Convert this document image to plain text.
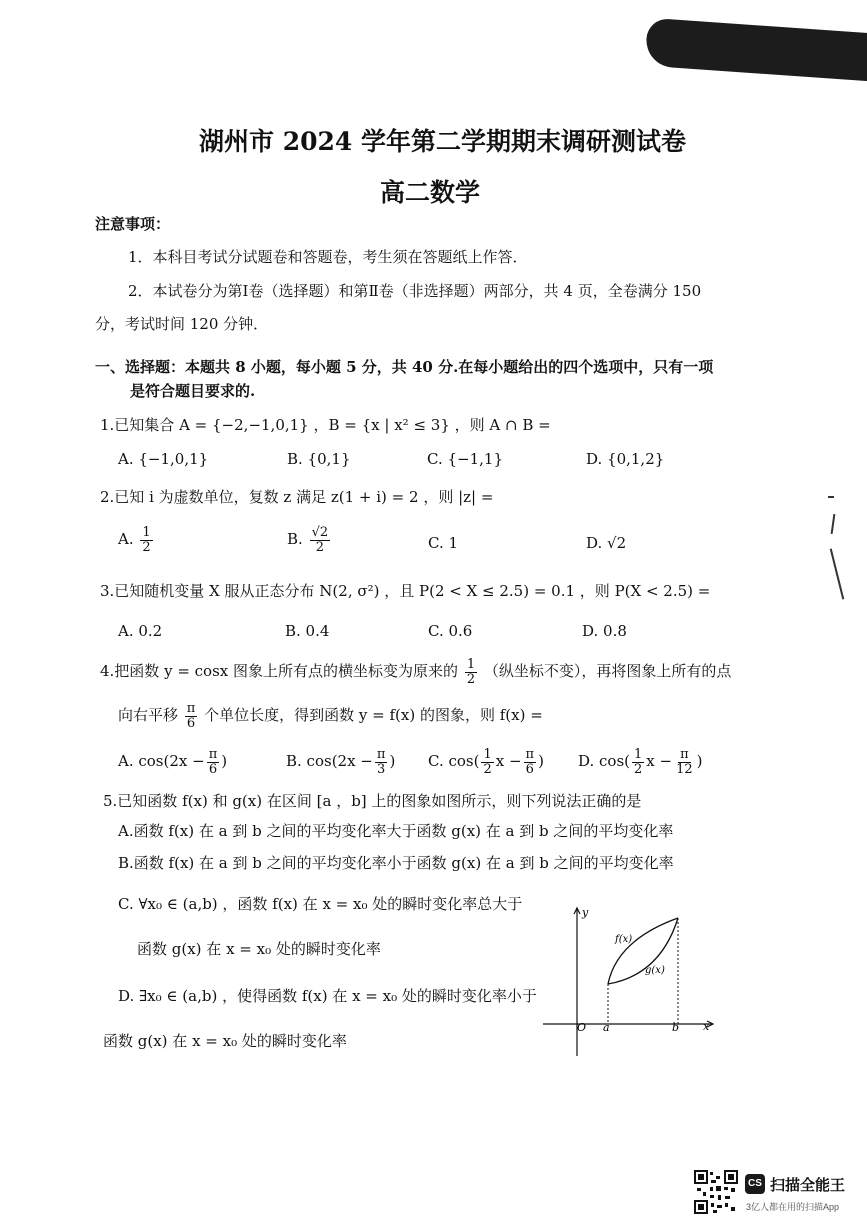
湖州市 2024 学年第二学期期末调研测试卷
高二数学
注意事项：
1．本科目考试分试题卷和答题卷，考生须在答题纸上作答．
2．本试卷分为第Ⅰ卷（选择题）和第Ⅱ卷（非选择题）两部分，共 4 页，全卷满分 150
分，考试时间 120 分钟．
一、选择题：本题共 8 小题，每小题 5 分，共 40 分.在每小题给出的四个选项中，只有一项
是符合题目要求的.
1.已知集合 A = {−2,−1,0,1} ，B = {x | x² ≤ 3} ，则 A ∩ B =
A. {−1,0,1}	B. {0,1}	C. {−1,1}	D. {0,1,2}
2.已知 i 为虚数单位，复数 z 满足 z(1 + i) = 2 ，则 |z| =
A. $\frac{1}{2}$	B. $\frac{√2}{2}$	C. 1	D. √2
3.已知随机变量 X 服从正态分布 N(2, σ²) ，且 P(2 < X ≤ 2.5) = 0.1 ，则 P(X < 2.5) =
A. 0.2	B. 0.4	C. 0.6	D. 0.8
4.把函数 y = cosx 图象上所有点的横坐标变为原来的 $\frac{1}{2}$ （纵坐标不变），再将图象上所有的点
向右平移 $\frac{\pi}{6}$ 个单位长度，得到函数 y = f(x) 的图象，则 f(x) =
A. $\cos(2x - \frac{\pi}{6}$ )	B. $\cos(2x - \frac{\pi}{3}$ ) C. $\cos( \frac{1}{2}$ $x - \frac{\pi}{6}$ ) D. $\cos( \frac{1}{2}$ $x - \frac{\pi}{12}$ )
5.已知函数 f(x) 和 g(x) 在区间 [a ，b] 上的图象如图所示，则下列说法正确的是
A.函数 f(x) 在 a 到 b 之间的平均变化率大于函数 g(x) 在 a 到 b 之间的平均变化率
B.函数 f(x) 在 a 到 b 之间的平均变化率小于函数 g(x) 在 a 到 b 之间的平均变化率
C. ∀x₀ ∈ (a,b) ，函数 f(x) 在 x = x₀ 处的瞬时变化率总大于
函数 g(x) 在 x = x₀ 处的瞬时变化率
D. ∃x₀ ∈ (a,b) ，使得函数 f(x) 在 x = x₀ 处的瞬时变化率小于
函数 g(x) 在 x = x₀ 处的瞬时变化率
y
x
O a	b
f(x)
g(x)
CS 扫描全能王
3亿人都在用的扫描App
